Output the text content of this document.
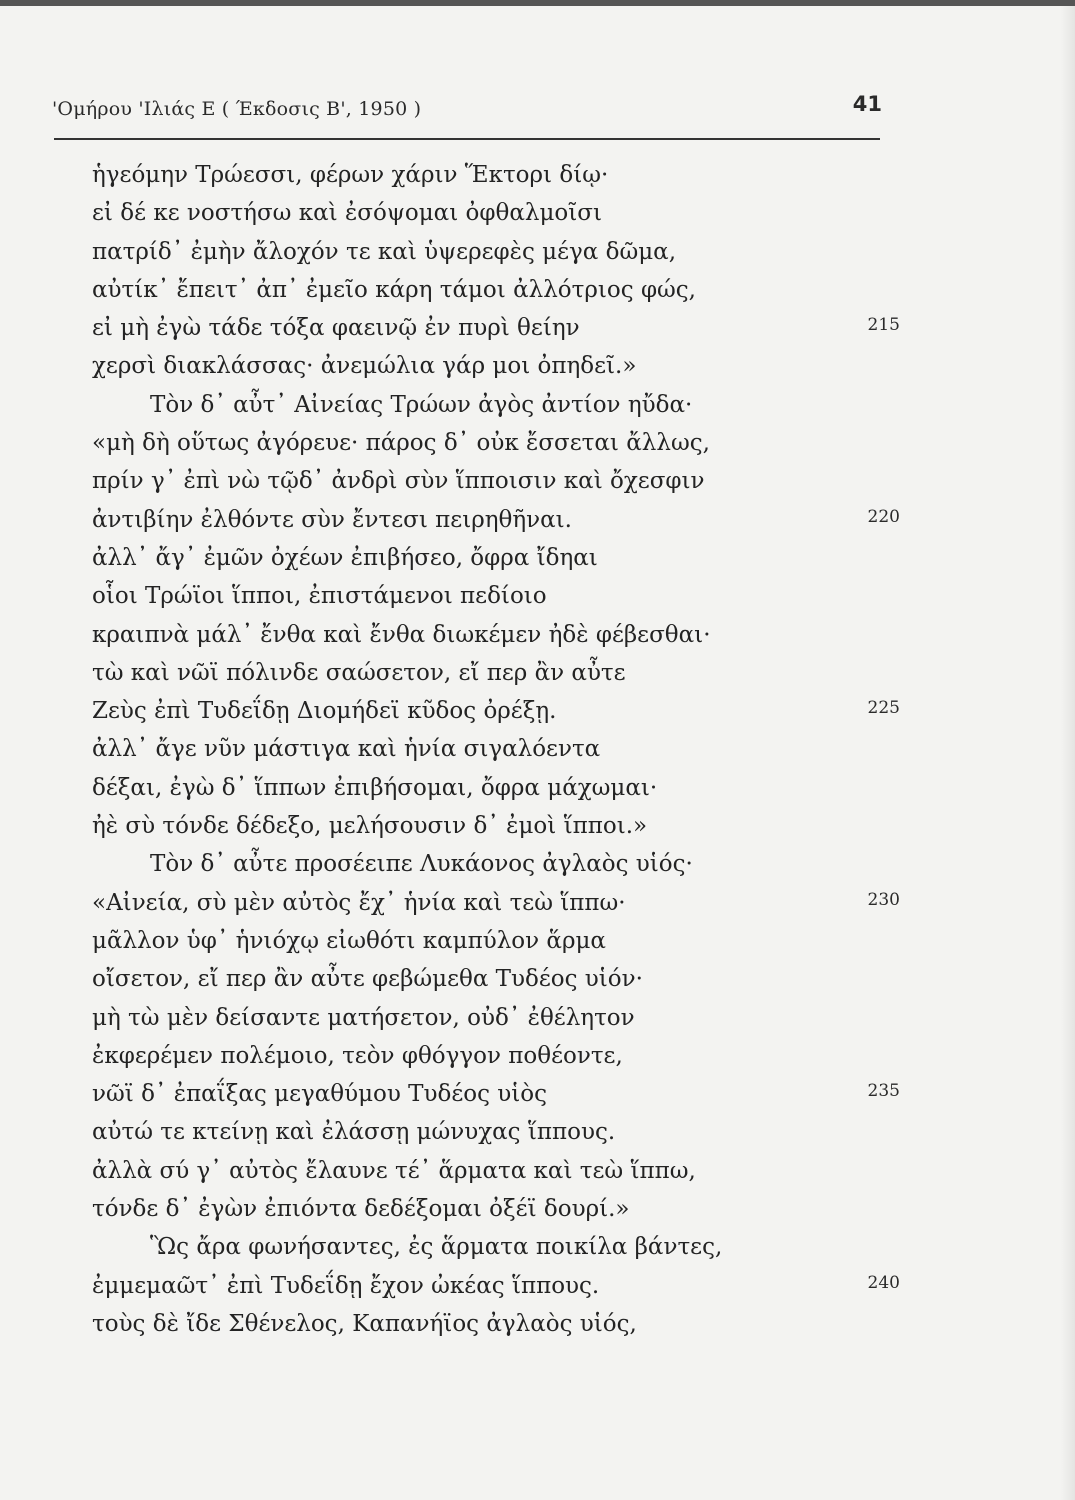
'Ομήρου 'Ιλιάς Ε ( Έκδοσις Β', 1950 )	41
ἡγεόμην Τρώεσσι, φέρων χάριν Ἕκτορι δίῳ·
εἰ δέ κε νοστήσω καὶ ἐσόψομαι ὀφθαλμοῖσι
πατρίδ᾽ ἐμὴν ἄλοχόν τε καὶ ὑψερεφὲς μέγα δῶμα,
αὐτίκ᾽ ἔπειτ᾽ ἀπ᾽ ἐμεῖο κάρη τάμοι ἀλλότριος φώς,
εἰ μὴ ἐγὼ τάδε τόξα φαεινῷ ἐν πυρὶ θείην	215
χερσὶ διακλάσσας· ἀνεμώλια γάρ μοι ὀπηδεῖ.»
Τὸν δ᾽ αὖτ᾽ Αἰνείας Τρώων ἀγὸς ἀντίον ηὔδα·
«μὴ δὴ οὕτως ἀγόρευε· πάρος δ᾽ οὐκ ἔσσεται ἄλλως,
πρίν γ᾽ ἐπὶ νὼ τῷδ᾽ ἀνδρὶ σὺν ἵπποισιν καὶ ὄχεσφιν
ἀντιβίην ἐλθόντε σὺν ἔντεσι πειρηθῆναι.	220
ἀλλ᾽ ἄγ᾽ ἐμῶν ὀχέων ἐπιβήσεο, ὄφρα ἴδηαι
οἷοι Τρώϊοι ἵπποι, ἐπιστάμενοι πεδίοιο
κραιπνὰ μάλ᾽ ἔνθα καὶ ἔνθα διωκέμεν ἠδὲ φέβεσθαι·
τὼ καὶ νῶϊ πόλινδε σαώσετον, εἴ περ ἂν αὖτε
Ζεὺς ἐπὶ Τυδεΐδῃ Διομήδεϊ κῦδος ὀρέξῃ.	225
ἀλλ᾽ ἄγε νῦν μάστιγα καὶ ἡνία σιγαλόεντα
δέξαι, ἐγὼ δ᾽ ἵππων ἐπιβήσομαι, ὄφρα μάχωμαι·
ἠὲ σὺ τόνδε δέδεξο, μελήσουσιν δ᾽ ἐμοὶ ἵπποι.»
Τὸν δ᾽ αὖτε προσέειπε Λυκάονος ἀγλαὸς υἱός·
«Αἰνεία, σὺ μὲν αὐτὸς ἔχ᾽ ἡνία καὶ τεὼ ἵππω·	230
μᾶλλον ὑφ᾽ ἡνιόχῳ εἰωθότι καμπύλον ἅρμα
οἴσετον, εἴ περ ἂν αὖτε φεβώμεθα Τυδέος υἱόν·
μὴ τὼ μὲν δείσαντε ματήσετον, οὐδ᾽ ἐθέλητον
ἐκφερέμεν πολέμοιο, τεὸν φθόγγον ποθέοντε,
νῶϊ δ᾽ ἐπαΐξας μεγαθύμου Τυδέος υἱὸς	235
αὐτώ τε κτείνῃ καὶ ἐλάσσῃ μώνυχας ἵππους.
ἀλλὰ σύ γ᾽ αὐτὸς ἔλαυνε τέ᾽ ἅρματα καὶ τεὼ ἵππω,
τόνδε δ᾽ ἐγὼν ἐπιόντα δεδέξομαι ὀξέϊ δουρί.»
Ὣς ἄρα φωνήσαντες, ἐς ἅρματα ποικίλα βάντες,
ἐμμεμαῶτ᾽ ἐπὶ Τυδεΐδῃ ἔχον ὠκέας ἵππους.	240
τοὺς δὲ ἴδε Σθένελος, Καπανήϊος ἀγλαὸς υἱός,
